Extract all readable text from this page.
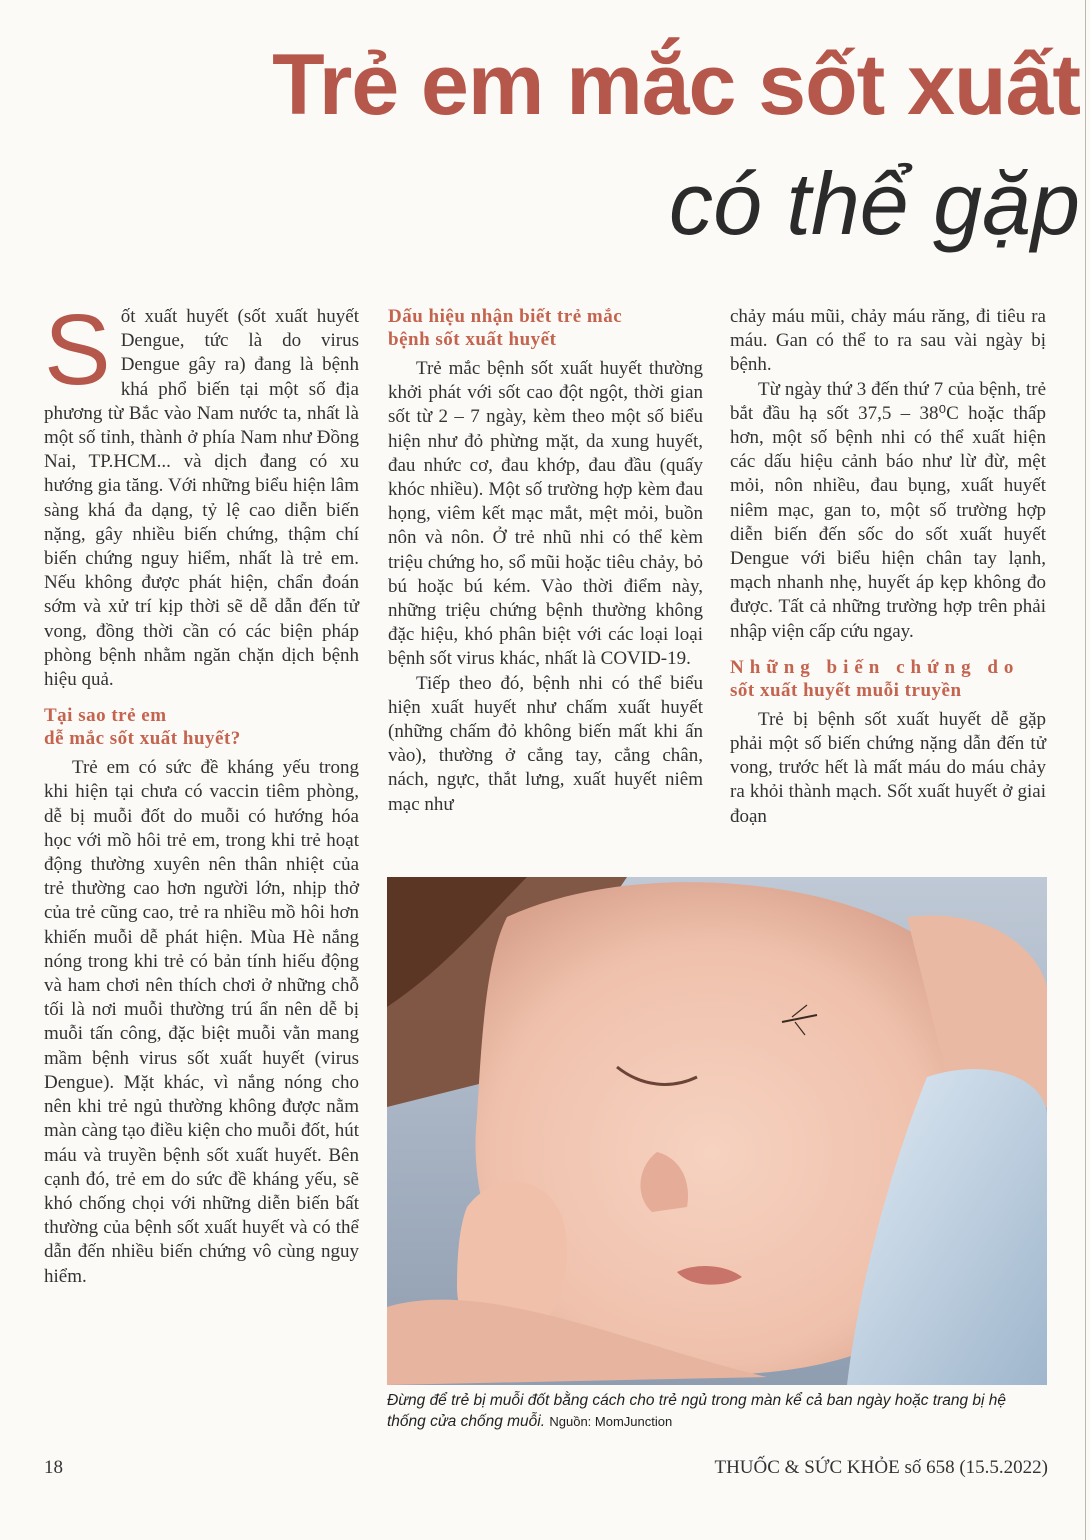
Trẻ em mắc sốt xuất
có thể gặp

Sốt xuất huyết (sốt xuất huyết Dengue, tức là do virus Dengue gây ra) đang là bệnh khá phổ biến tại một số địa phương từ Bắc vào Nam nước ta, nhất là một số tỉnh, thành ở phía Nam như Đồng Nai, TP.HCM... và dịch đang có xu hướng gia tăng. Với những biểu hiện lâm sàng khá đa dạng, tỷ lệ cao diễn biến nặng, gây nhiều biến chứng, thậm chí biến chứng nguy hiểm, nhất là trẻ em. Nếu không được phát hiện, chẩn đoán sớm và xử trí kịp thời sẽ dễ dẫn đến tử vong, đồng thời cần có các biện pháp phòng bệnh nhằm ngăn chặn dịch bệnh hiệu quả.

Tại sao trẻ em
dễ mắc sốt xuất huyết?

Trẻ em có sức đề kháng yếu trong khi hiện tại chưa có vaccin tiêm phòng, dễ bị muỗi đốt do muỗi có hướng hóa học với mồ hôi trẻ em, trong khi trẻ hoạt động thường xuyên nên thân nhiệt của trẻ thường cao hơn người lớn, nhịp thở của trẻ cũng cao, trẻ ra nhiều mồ hôi hơn khiến muỗi dễ phát hiện. Mùa Hè nắng nóng trong khi trẻ có bản tính hiếu động và ham chơi nên thích chơi ở những chỗ tối là nơi muỗi thường trú ẩn nên dễ bị muỗi tấn công, đặc biệt muỗi vằn mang mầm bệnh virus sốt xuất huyết (virus Dengue). Mặt khác, vì nắng nóng cho nên khi trẻ ngủ thường không được nằm màn càng tạo điều kiện cho muỗi đốt, hút máu và truyền bệnh sốt xuất huyết. Bên cạnh đó, trẻ em do sức đề kháng yếu, sẽ khó chống chọi với những diễn biến bất thường của bệnh sốt xuất huyết và có thể dẫn đến nhiều biến chứng vô cùng nguy hiểm.

Dấu hiệu nhận biết trẻ mắc
bệnh sốt xuất huyết

Trẻ mắc bệnh sốt xuất huyết thường khởi phát với sốt cao đột ngột, thời gian sốt từ 2 – 7 ngày, kèm theo một số biểu hiện như đỏ phừng mặt, da xung huyết, đau nhức cơ, đau khớp, đau đầu (quấy khóc nhiều). Một số trường hợp kèm đau họng, viêm kết mạc mắt, mệt mỏi, buồn nôn và nôn. Ở trẻ nhũ nhi có thể kèm triệu chứng ho, sổ mũi hoặc tiêu chảy, bỏ bú hoặc bú kém. Vào thời điểm này, những triệu chứng bệnh thường không đặc hiệu, khó phân biệt với các loại loại bệnh sốt virus khác, nhất là COVID-19.

Tiếp theo đó, bệnh nhi có thể biểu hiện xuất huyết như chấm xuất huyết (những chấm đỏ không biến mất khi ấn vào), thường ở cẳng tay, cẳng chân, nách, ngực, thắt lưng, xuất huyết niêm mạc như

chảy máu mũi, chảy máu răng, đi tiêu ra máu. Gan có thể to ra sau vài ngày bị bệnh.

Từ ngày thứ 3 đến thứ 7 của bệnh, trẻ bắt đầu hạ sốt 37,5 – 38⁰C hoặc thấp hơn, một số bệnh nhi có thể xuất hiện các dấu hiệu cảnh báo như lừ đừ, mệt mỏi, nôn nhiều, đau bụng, xuất huyết niêm mạc, gan to, một số trường hợp diễn biến đến sốc do sốt xuất huyết Dengue với biểu hiện chân tay lạnh, mạch nhanh nhẹ, huyết áp kẹp không đo được. Tất cả những trường hợp trên phải nhập viện cấp cứu ngay.

Những biến chứng do
sốt xuất huyết muỗi truyền

Trẻ bị bệnh sốt xuất huyết dễ gặp phải một số biến chứng nặng dẫn đến tử vong, trước hết là mất máu do máu chảy ra khỏi thành mạch. Sốt xuất huyết ở giai đoạn

Đừng để trẻ bị muỗi đốt bằng cách cho trẻ ngủ trong màn kể cả ban ngày hoặc trang bị hệ thống cửa chống muỗi. Nguồn: MomJunction
18	THUỐC & SỨC KHỎE số 658 (15.5.2022)
